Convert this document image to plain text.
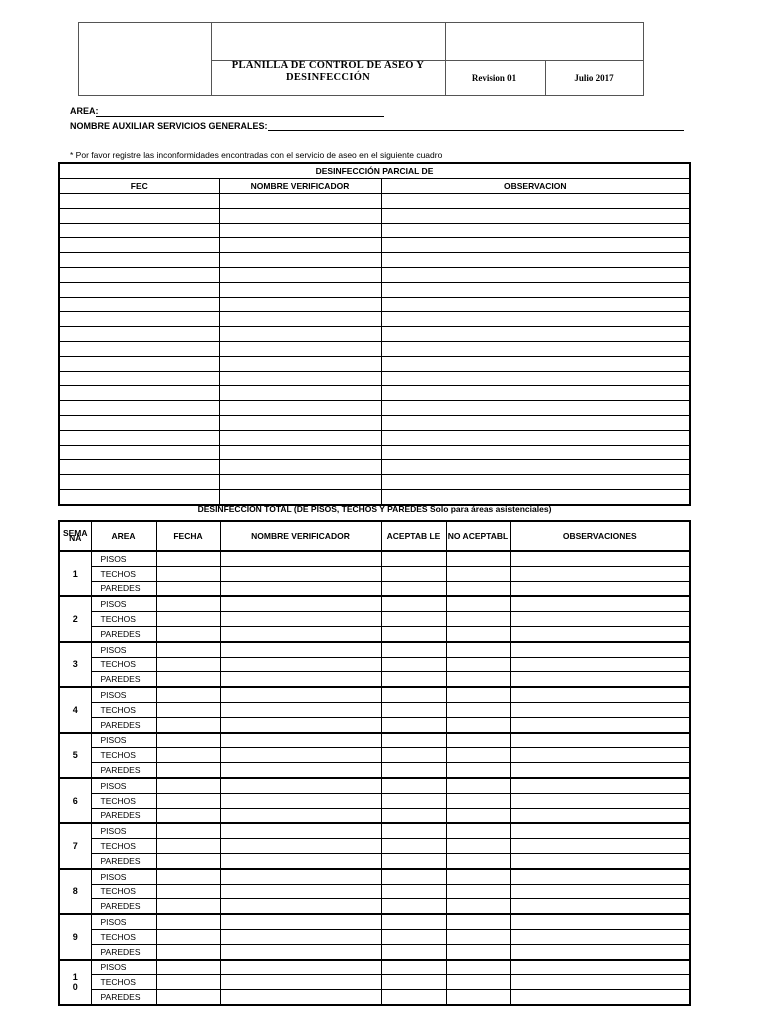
PLANILLA DE CONTROL DE ASEO Y DESINFECCIÓN	Revision 01	Julio 2017
AREA:
NOMBRE AUXILIAR SERVICIOS GENERALES:
* Por favor registre las inconformidades encontradas con el servicio de aseo en el siguiente cuadro
DESINFECCIÓN PARCIAL DE		
FEC	NOMBRE VERIFICADOR	OBSERVACION

DESINFECCION TOTAL (DE PISOS, TECHOS Y PAREDES Solo para áreas asistenciales)
SEMA NA	AREA	FECHA	NOMBRE VERIFICADOR	ACEPTAB LE	NO ACEPTABL	OBSERVACIONES
1	PISOS					
	TECHOS					
	PAREDES					
2	PISOS					
	TECHOS					
	PAREDES					
3	PISOS					
	TECHOS					
	PAREDES					
4	PISOS					
	TECHOS					
	PAREDES					
5	PISOS					
	TECHOS					
	PAREDES					
6	PISOS					
	TECHOS					
	PAREDES					
7	PISOS					
	TECHOS					
	PAREDES					
8	PISOS					
	TECHOS					
	PAREDES					
9	PISOS					
	TECHOS					
	PAREDES					
1
0	PISOS					
	TECHOS					
	PAREDES					
